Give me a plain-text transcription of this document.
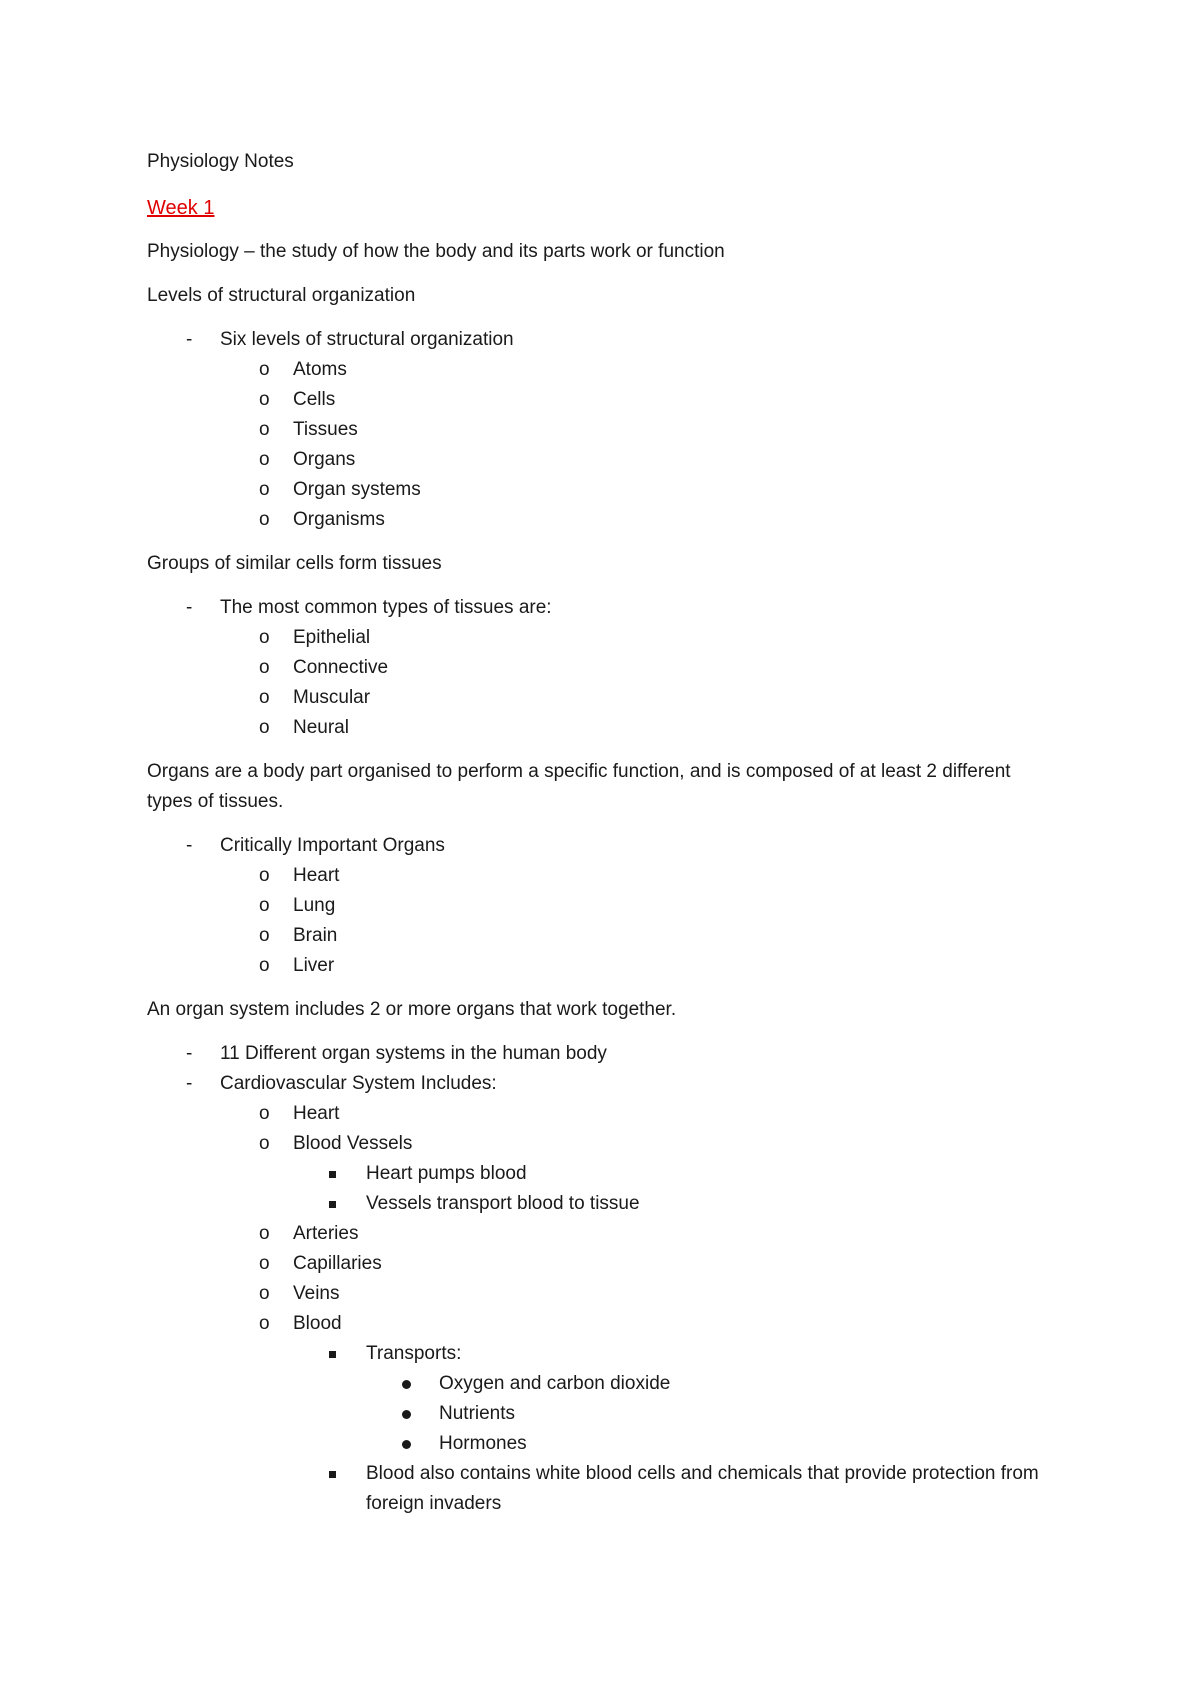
Physiology Notes

Week 1

Physiology – the study of how the body and its parts work or function

Levels of structural organization

- Six levels of structural organization
o Atoms
o Cells
o Tissues
o Organs
o Organ systems
o Organisms

Groups of similar cells form tissues

- The most common types of tissues are:
o Epithelial
o Connective
o Muscular
o Neural

Organs are a body part organised to perform a specific function, and is composed of at least 2 different types of tissues.

- Critically Important Organs
o Heart
o Lung
o Brain
o Liver

An organ system includes 2 or more organs that work together.

- 11 Different organ systems in the human body
- Cardiovascular System Includes:
o Heart
o Blood Vessels
Heart pumps blood
Vessels transport blood to tissue
o Arteries
o Capillaries
o Veins
o Blood
Transports:
Oxygen and carbon dioxide
Nutrients
Hormones
Blood also contains white blood cells and chemicals that provide protection from foreign invaders
